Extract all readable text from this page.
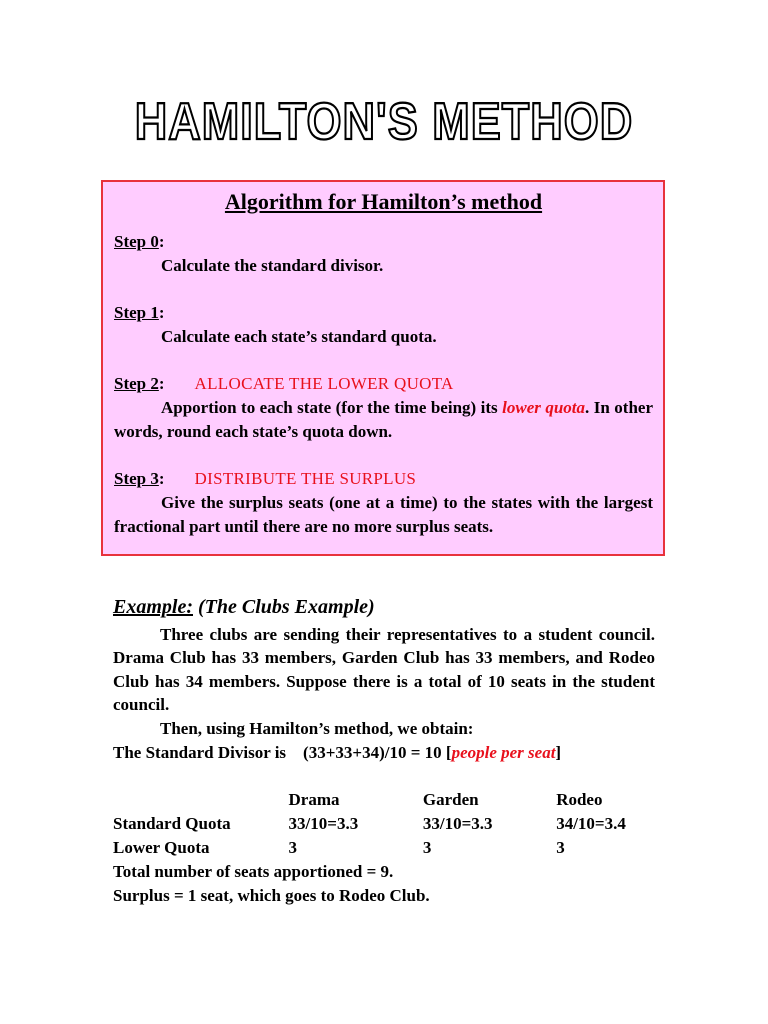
HAMILTON'S METHOD
Algorithm for Hamilton’s method
Step 0:
Calculate the standard divisor.
Step 1:
Calculate each state’s standard quota.
Step 2: ALLOCATE THE LOWER QUOTA
Apportion to each state (for the time being) its lower quota. In other words, round each state’s quota down.
Step 3: DISTRIBUTE THE SURPLUS
Give the surplus seats (one at a time) to the states with the largest fractional part until there are no more surplus seats.
Example: (The Clubs Example)
Three clubs are sending their representatives to a student council. Drama Club has 33 members, Garden Club has 33 members, and Rodeo Club has 34 members. Suppose there is a total of 10 seats in the student council.
Then, using Hamilton’s method, we obtain:
The Standard Divisor is    (33+33+34)/10 = 10 [people per seat]
	Drama	Garden	Rodeo
Standard Quota	33/10=3.3	33/10=3.3	34/10=3.4
Lower Quota	3	3	3
Total number of seats apportioned = 9.
Surplus = 1 seat, which goes to Rodeo Club.
